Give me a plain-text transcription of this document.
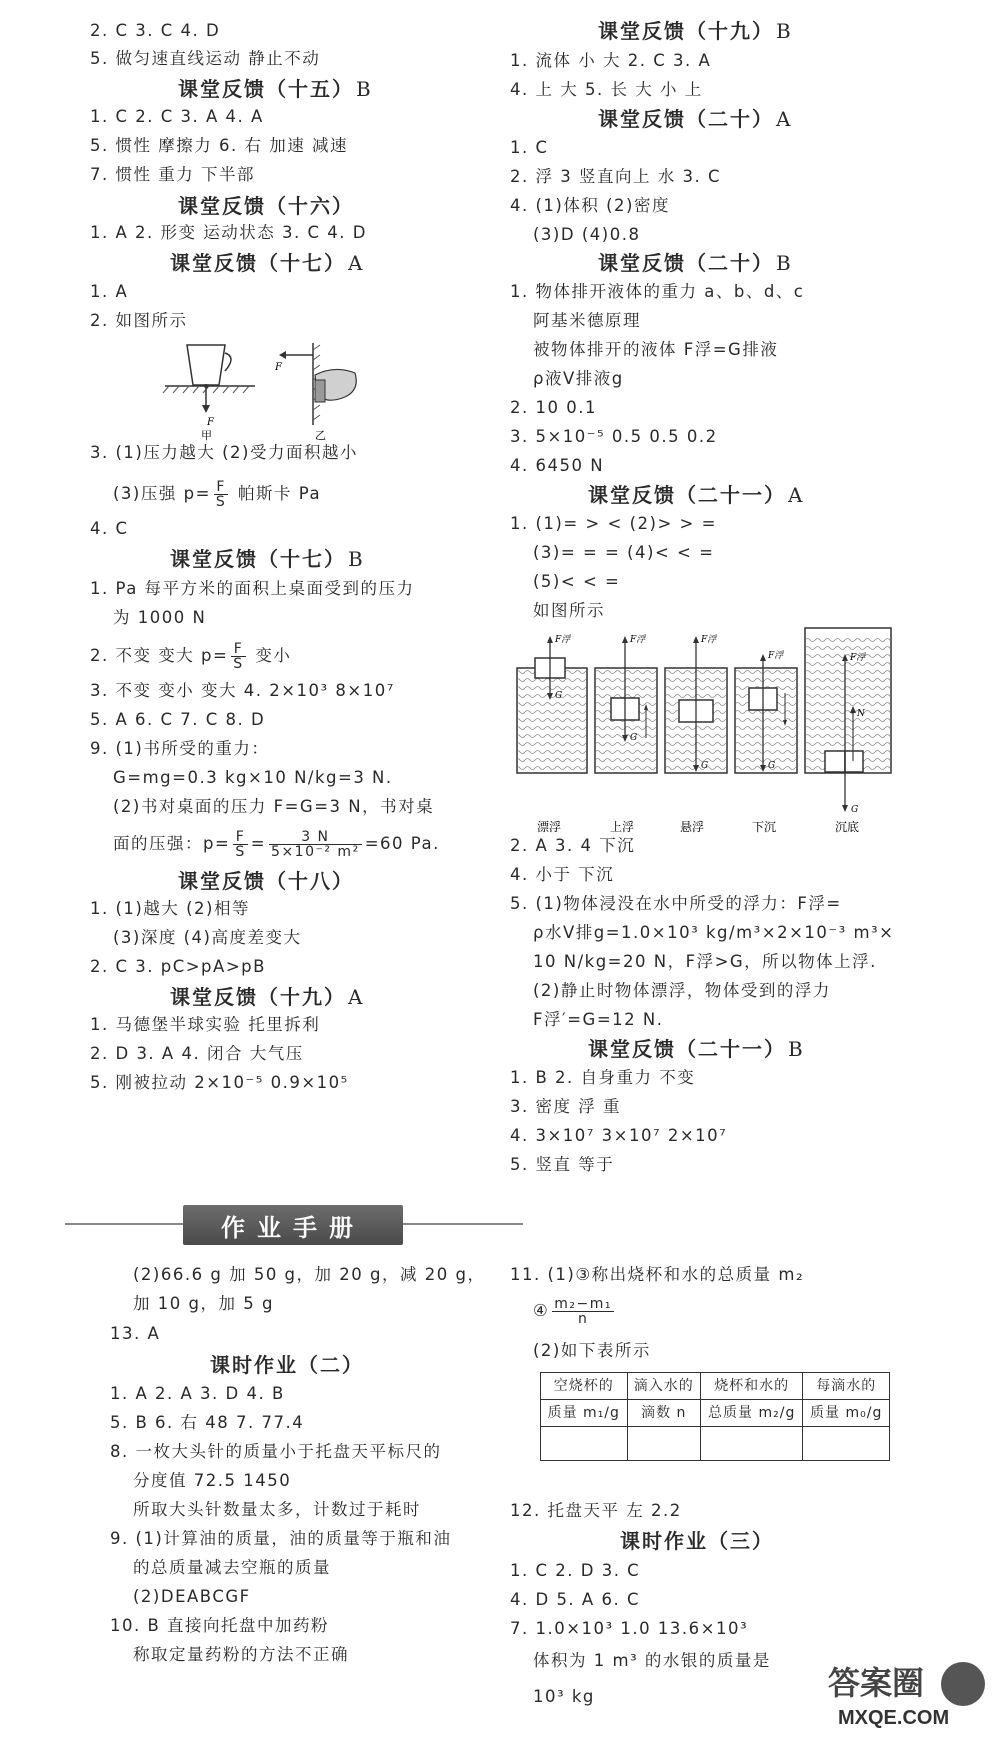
2. C 3. C 4. D
5. 做匀速直线运动 静止不动
课堂反馈（十五） B
1. C 2. C 3. A 4. A
5. 惯性 摩擦力 6. 右 加速 减速
7. 惯性 重力 下半部
课堂反馈（十六）
1. A 2. 形变 运动状态 3. C 4. D
课堂反馈（十七） A
1. A
2. 如图所示
F
甲
F
乙
3. (1)压力越大 (2)受力面积越小
(3)压强 $p= \frac{F}{S}$ 帕斯卡 Pa
4. C
课堂反馈（十七） B
1. Pa 每平方米的面积上桌面受到的压力
为 1000 N
2. 不变 变大 $p= \frac{F}{S}$ 变小
3. 不变 变小 变大 4. 2×10³ 8×10⁷
5. A 6. C 7. C 8. D
9. (1)书所受的重力：
G=mg=0.3 kg×10 N/kg=3 N.
(2)书对桌面的压力 F=G=3 N，书对桌
面的压强：$p= \frac{F}{S} = \frac{3 N}{\text{5×10⁻² m²}} =60$ Pa.
课堂反馈（十八）
1. (1)越大 (2)相等
(3)深度 (4)高度差变大
2. C 3. pC>pA>pB
课堂反馈（十九） A
1. 马德堡半球实验 托里拆利
2. D 3. A 4. 闭合 大气压
5. 刚被拉动 2×10⁻⁵ 0.9×10⁵
课堂反馈（十九） B
1. 流体 小 大 2. C 3. A
4. 上 大 5. 长 大 小 上
课堂反馈（二十） A
1. C
2. 浮 3 竖直向上 水 3. C
4. (1)体积 (2)密度
(3)D (4)0.8
课堂反馈（二十） B
1. 物体排开液体的重力 a、b、d、c
阿基米德原理
被物体排开的液体 F浮=G排液
ρ液V排液g
2. 10 0.1
3. 5×10⁻⁵ 0.5 0.5 0.2
4. 6450 N
课堂反馈（二十一） A
1. (1)= > < (2)> > =
(3)= = = (4)< < =
(5)< < =
如图所示
F浮
G
F浮
G
F浮
G
F浮
G
F浮
N
G
漂浮	上浮	悬浮	下沉	沉底
2. A 3. 4 下沉
4. 小于 下沉
5. (1)物体浸没在水中所受的浮力：F浮=
ρ水V排g=1.0×10³ kg/m³×2×10⁻³ m³×
10 N/kg=20 N，F浮>G，所以物体上浮.
(2)静止时物体漂浮，物体受到的浮力
F浮′=G=12 N.
课堂反馈（二十一） B
1. B 2. 自身重力 不变
3. 密度 浮 重
4. 3×10⁷ 3×10⁷ 2×10⁷
5. 竖直 等于
作业手册
(2)66.6 g 加 50 g，加 20 g，减 20 g，
加 10 g，加 5 g
13. A
课时作业（二）
1. A 2. A 3. D 4. B
5. B 6. 右 48 7. 77.4
8. 一枚大头针的质量小于托盘天平标尺的
分度值 72.5 1450
所取大头针数量太多，计数过于耗时
9. (1)计算油的质量，油的质量等于瓶和油
的总质量减去空瓶的质量
(2)DEABCGF
10. B 直接向托盘中加药粉
称取定量药粉的方法不正确
11. (1)③称出烧杯和水的总质量 m₂
④ $\frac{\text{m₂−m₁}}{n}$
(2)如下表所示
空烧杯的	滴入水的	烧杯和水的	每滴水的
质量 m₁/g	滴数 n	总质量 m₂/g	质量 m₀/g

12. 托盘天平 左 2.2
课时作业（三）
1. C 2. D 3. C
4. D 5. A 6. C
7. 1.0×10³ 1.0 13.6×10³
体积为 1 m³ 的水银的质量是
10³ kg	答案圈
MXQE.COM
